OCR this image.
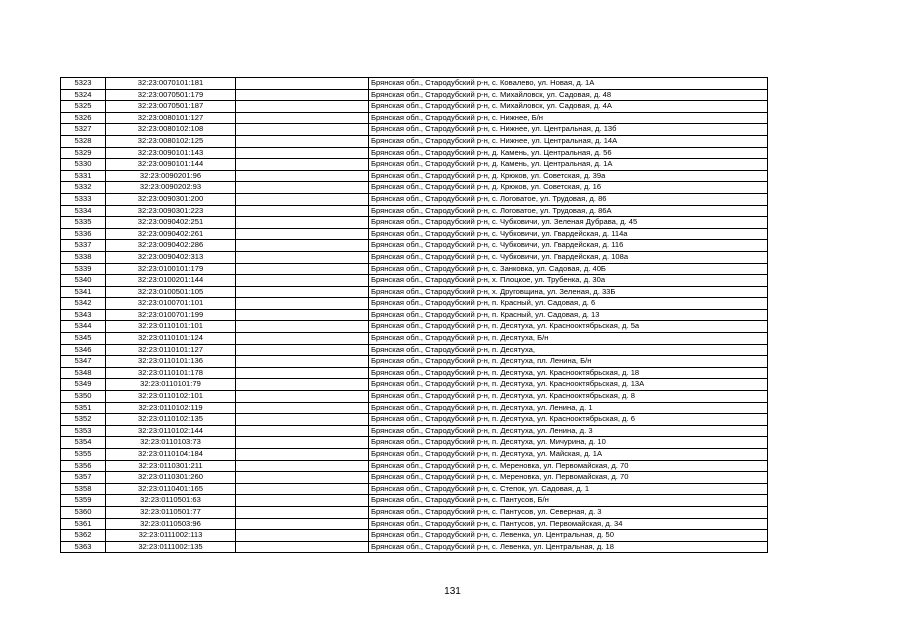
5323	32:23:0070101:181		Брянская обл., Стародубский р-н, с. Ковалево, ул. Новая, д. 1А
5324	32:23:0070501:179		Брянская обл., Стародубский р-н, с. Михайловск, ул. Садовая, д. 48
5325	32:23:0070501:187		Брянская обл., Стародубский р-н, с. Михайловск, ул. Садовая, д. 4А
5326	32:23:0080101:127		Брянская обл., Стародубский р-н, с. Нижнее, Б/н
5327	32:23:0080102:108		Брянская обл., Стародубский р-н, с. Нижнее, ул. Центральная, д. 13б
5328	32:23:0080102:125		Брянская обл., Стародубский р-н, с. Нижнее, ул. Центральная, д. 14А
5329	32:23:0090101:143		Брянская обл., Стародубский р-н, д. Камень, ул. Центральная, д. 56
5330	32:23:0090101:144		Брянская обл., Стародубский р-н, д. Камень, ул. Центральная, д. 1А
5331	32:23:0090201:96		Брянская обл., Стародубский р-н, д. Крюков, ул. Советская, д. 39а
5332	32:23:0090202:93		Брянская обл., Стародубский р-н, д. Крюков, ул. Советская, д. 16
5333	32:23:0090301:200		Брянская обл., Стародубский р-н, с. Логоватое, ул. Трудовая, д. 86
5334	32:23:0090301:223		Брянская обл., Стародубский р-н, с. Логоватое, ул. Трудовая, д. 86А
5335	32:23:0090402:251		Брянская обл., Стародубский р-н, с. Чубковичи, ул. Зеленая Дубрава, д. 45
5336	32:23:0090402:261		Брянская обл., Стародубский р-н, с. Чубковичи, ул. Гвардейская, д. 114а
5337	32:23:0090402:286		Брянская обл., Стародубский р-н, с. Чубковичи, ул. Гвардейская, д. 116
5338	32:23:0090402:313		Брянская обл., Стародубский р-н, с. Чубковичи, ул. Гвардейская, д. 108а
5339	32:23:0100101:179		Брянская обл., Стародубский р-н, с. Занковка, ул. Садовая, д. 40Б
5340	32:23:0100201:144		Брянская обл., Стародубский р-н, х. Плоцкое, ул. Трубенка, д. 30а
5341	32:23:0100501:105		Брянская обл., Стародубский р-н, х. Друговщина, ул. Зеленая, д. 33Б
5342	32:23:0100701:101		Брянская обл., Стародубский р-н, п. Красный, ул. Садовая, д. 6
5343	32:23:0100701:199		Брянская обл., Стародубский р-н, п. Красный, ул. Садовая, д. 13
5344	32:23:0110101:101		Брянская обл., Стародубский р-н, п. Десятуха, ул. Краснооктябрьская, д. 5а
5345	32:23:0110101:124		Брянская обл., Стародубский р-н, п. Десятуха, Б/н
5346	32:23:0110101:127		Брянская обл., Стародубский р-н, п. Десятуха,
5347	32:23:0110101:136		Брянская обл., Стародубский р-н, п. Десятуха, пл. Ленина, Б/н
5348	32:23:0110101:178		Брянская обл., Стародубский р-н, п. Десятуха, ул. Краснооктябрьская, д. 18
5349	32:23:0110101:79		Брянская обл., Стародубский р-н, п. Десятуха, ул. Краснооктябрьская, д. 13А
5350	32:23:0110102:101		Брянская обл., Стародубский р-н, п. Десятуха, ул. Краснооктябрьская, д. 8
5351	32:23:0110102:119		Брянская обл., Стародубский р-н, п. Десятуха, ул. Ленина, д. 1
5352	32:23:0110102:135		Брянская обл., Стародубский р-н, п. Десятуха, ул. Краснооктябрьская, д. 6
5353	32:23:0110102:144		Брянская обл., Стародубский р-н, п. Десятуха, ул. Ленина, д. 3
5354	32:23:0110103:73		Брянская обл., Стародубский р-н, п. Десятуха, ул. Мичурина, д. 10
5355	32:23:0110104:184		Брянская обл., Стародубский р-н, п. Десятуха, ул. Майская, д. 1А
5356	32:23:0110301:211		Брянская обл., Стародубский р-н, с. Мереновка, ул. Первомайская, д. 70
5357	32:23:0110301:260		Брянская обл., Стародубский р-н, с. Мереновка, ул. Первомайская, д. 70
5358	32:23:0110401:165		Брянская обл., Стародубский р-н, с. Степок, ул. Садовая, д. 1
5359	32:23:0110501:63		Брянская обл., Стародубский р-н, с. Пантусов, Б/н
5360	32:23:0110501:77		Брянская обл., Стародубский р-н, с. Пантусов, ул. Северная, д. 3
5361	32:23:0110503:96		Брянская обл., Стародубский р-н, с. Пантусов, ул. Первомайская, д. 34
5362	32:23:0111002:113		Брянская обл., Стародубский р-н, с. Левенка, ул. Центральная, д. 50
5363	32:23:0111002:135		Брянская обл., Стародубский р-н, с. Левенка, ул. Центральная, д. 18
131
